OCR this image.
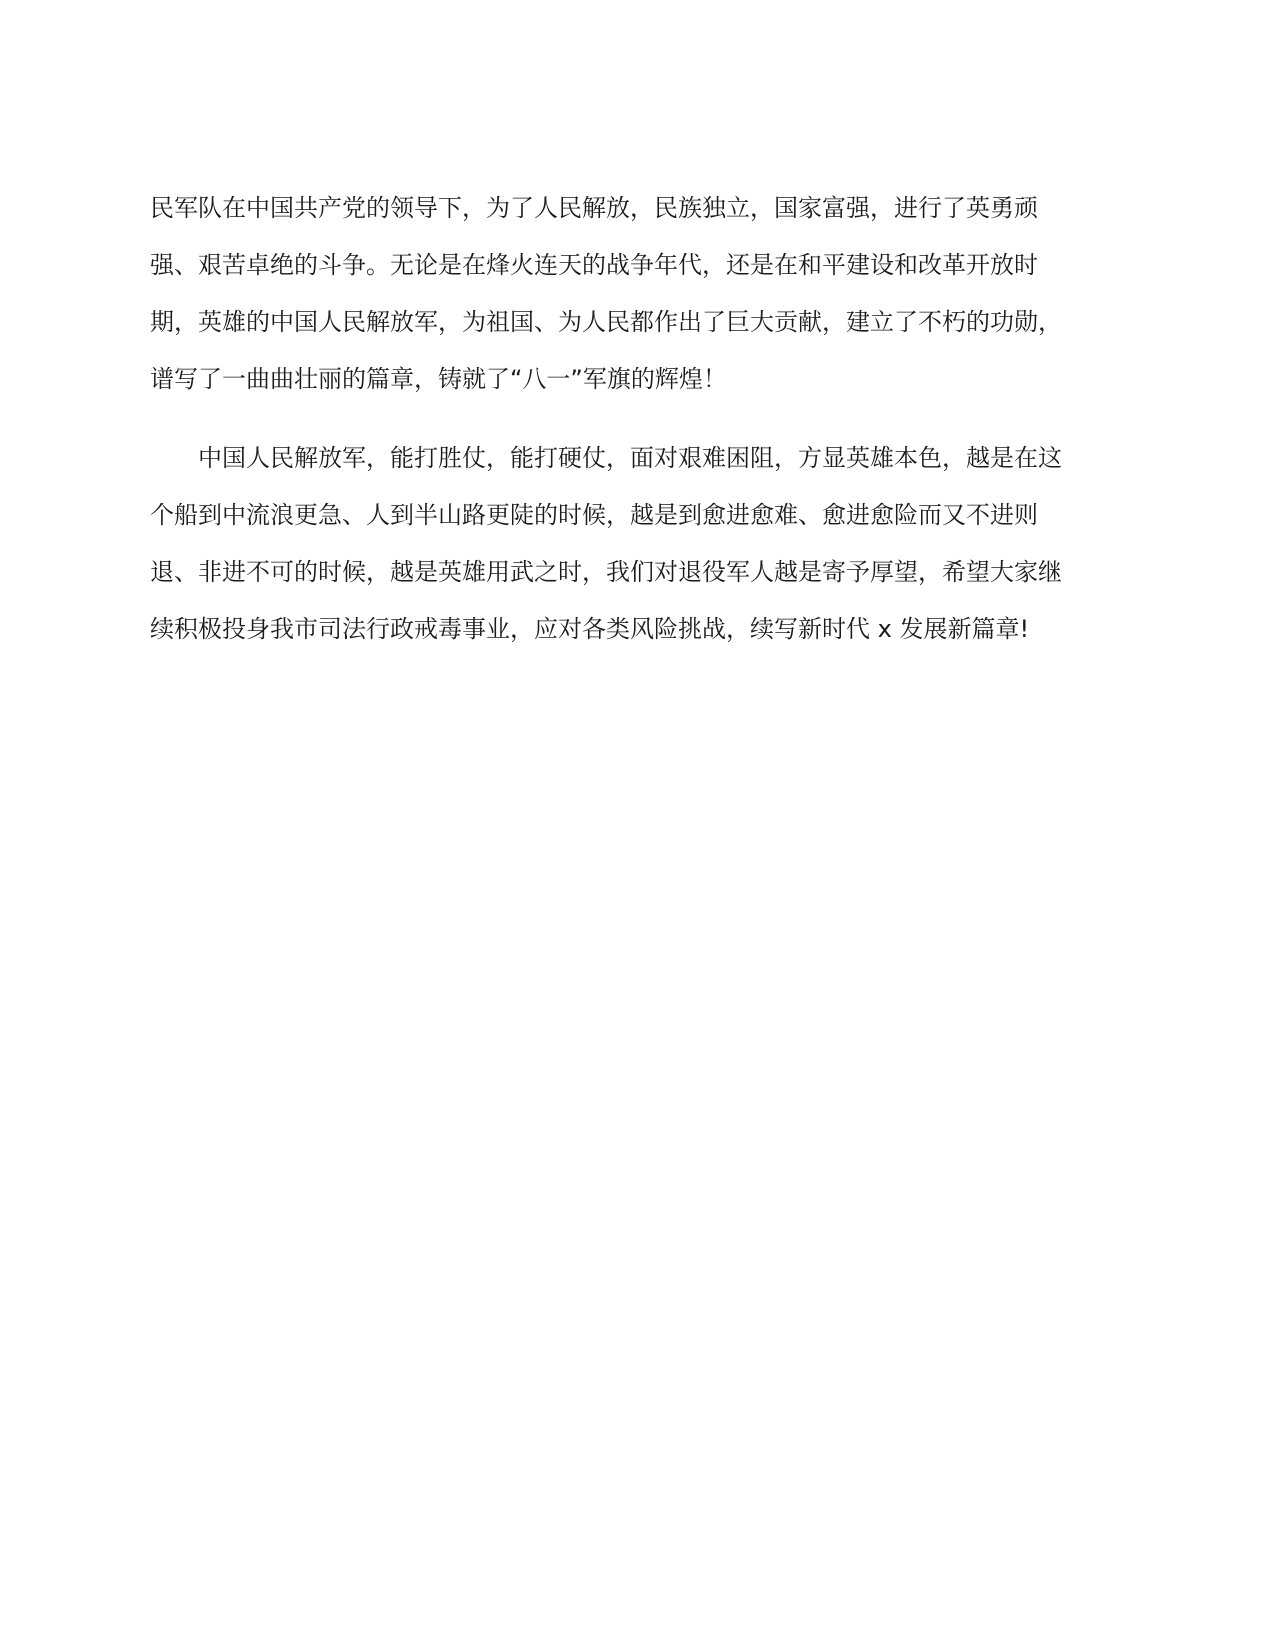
民军队在中国共产党的领导下，为了人民解放，民族独立，国家富强，进行了英勇顽
强、艰苦卓绝的斗争。无论是在烽火连天的战争年代，还是在和平建设和改革开放时
期，英雄的中国人民解放军，为祖国、为人民都作出了巨大贡献，建立了不朽的功勋，
谱写了一曲曲壮丽的篇章，铸就了“八一”军旗的辉煌！

中国人民解放军，能打胜仗，能打硬仗，面对艰难困阻，方显英雄本色，越是在这
个船到中流浪更急、人到半山路更陡的时候，越是到愈进愈难、愈进愈险而又不进则
退、非进不可的时候，越是英雄用武之时，我们对退役军人越是寄予厚望，希望大家继
续积极投身我市司法行政戒毒事业，应对各类风险挑战，续写新时代 x 发展新篇章!
